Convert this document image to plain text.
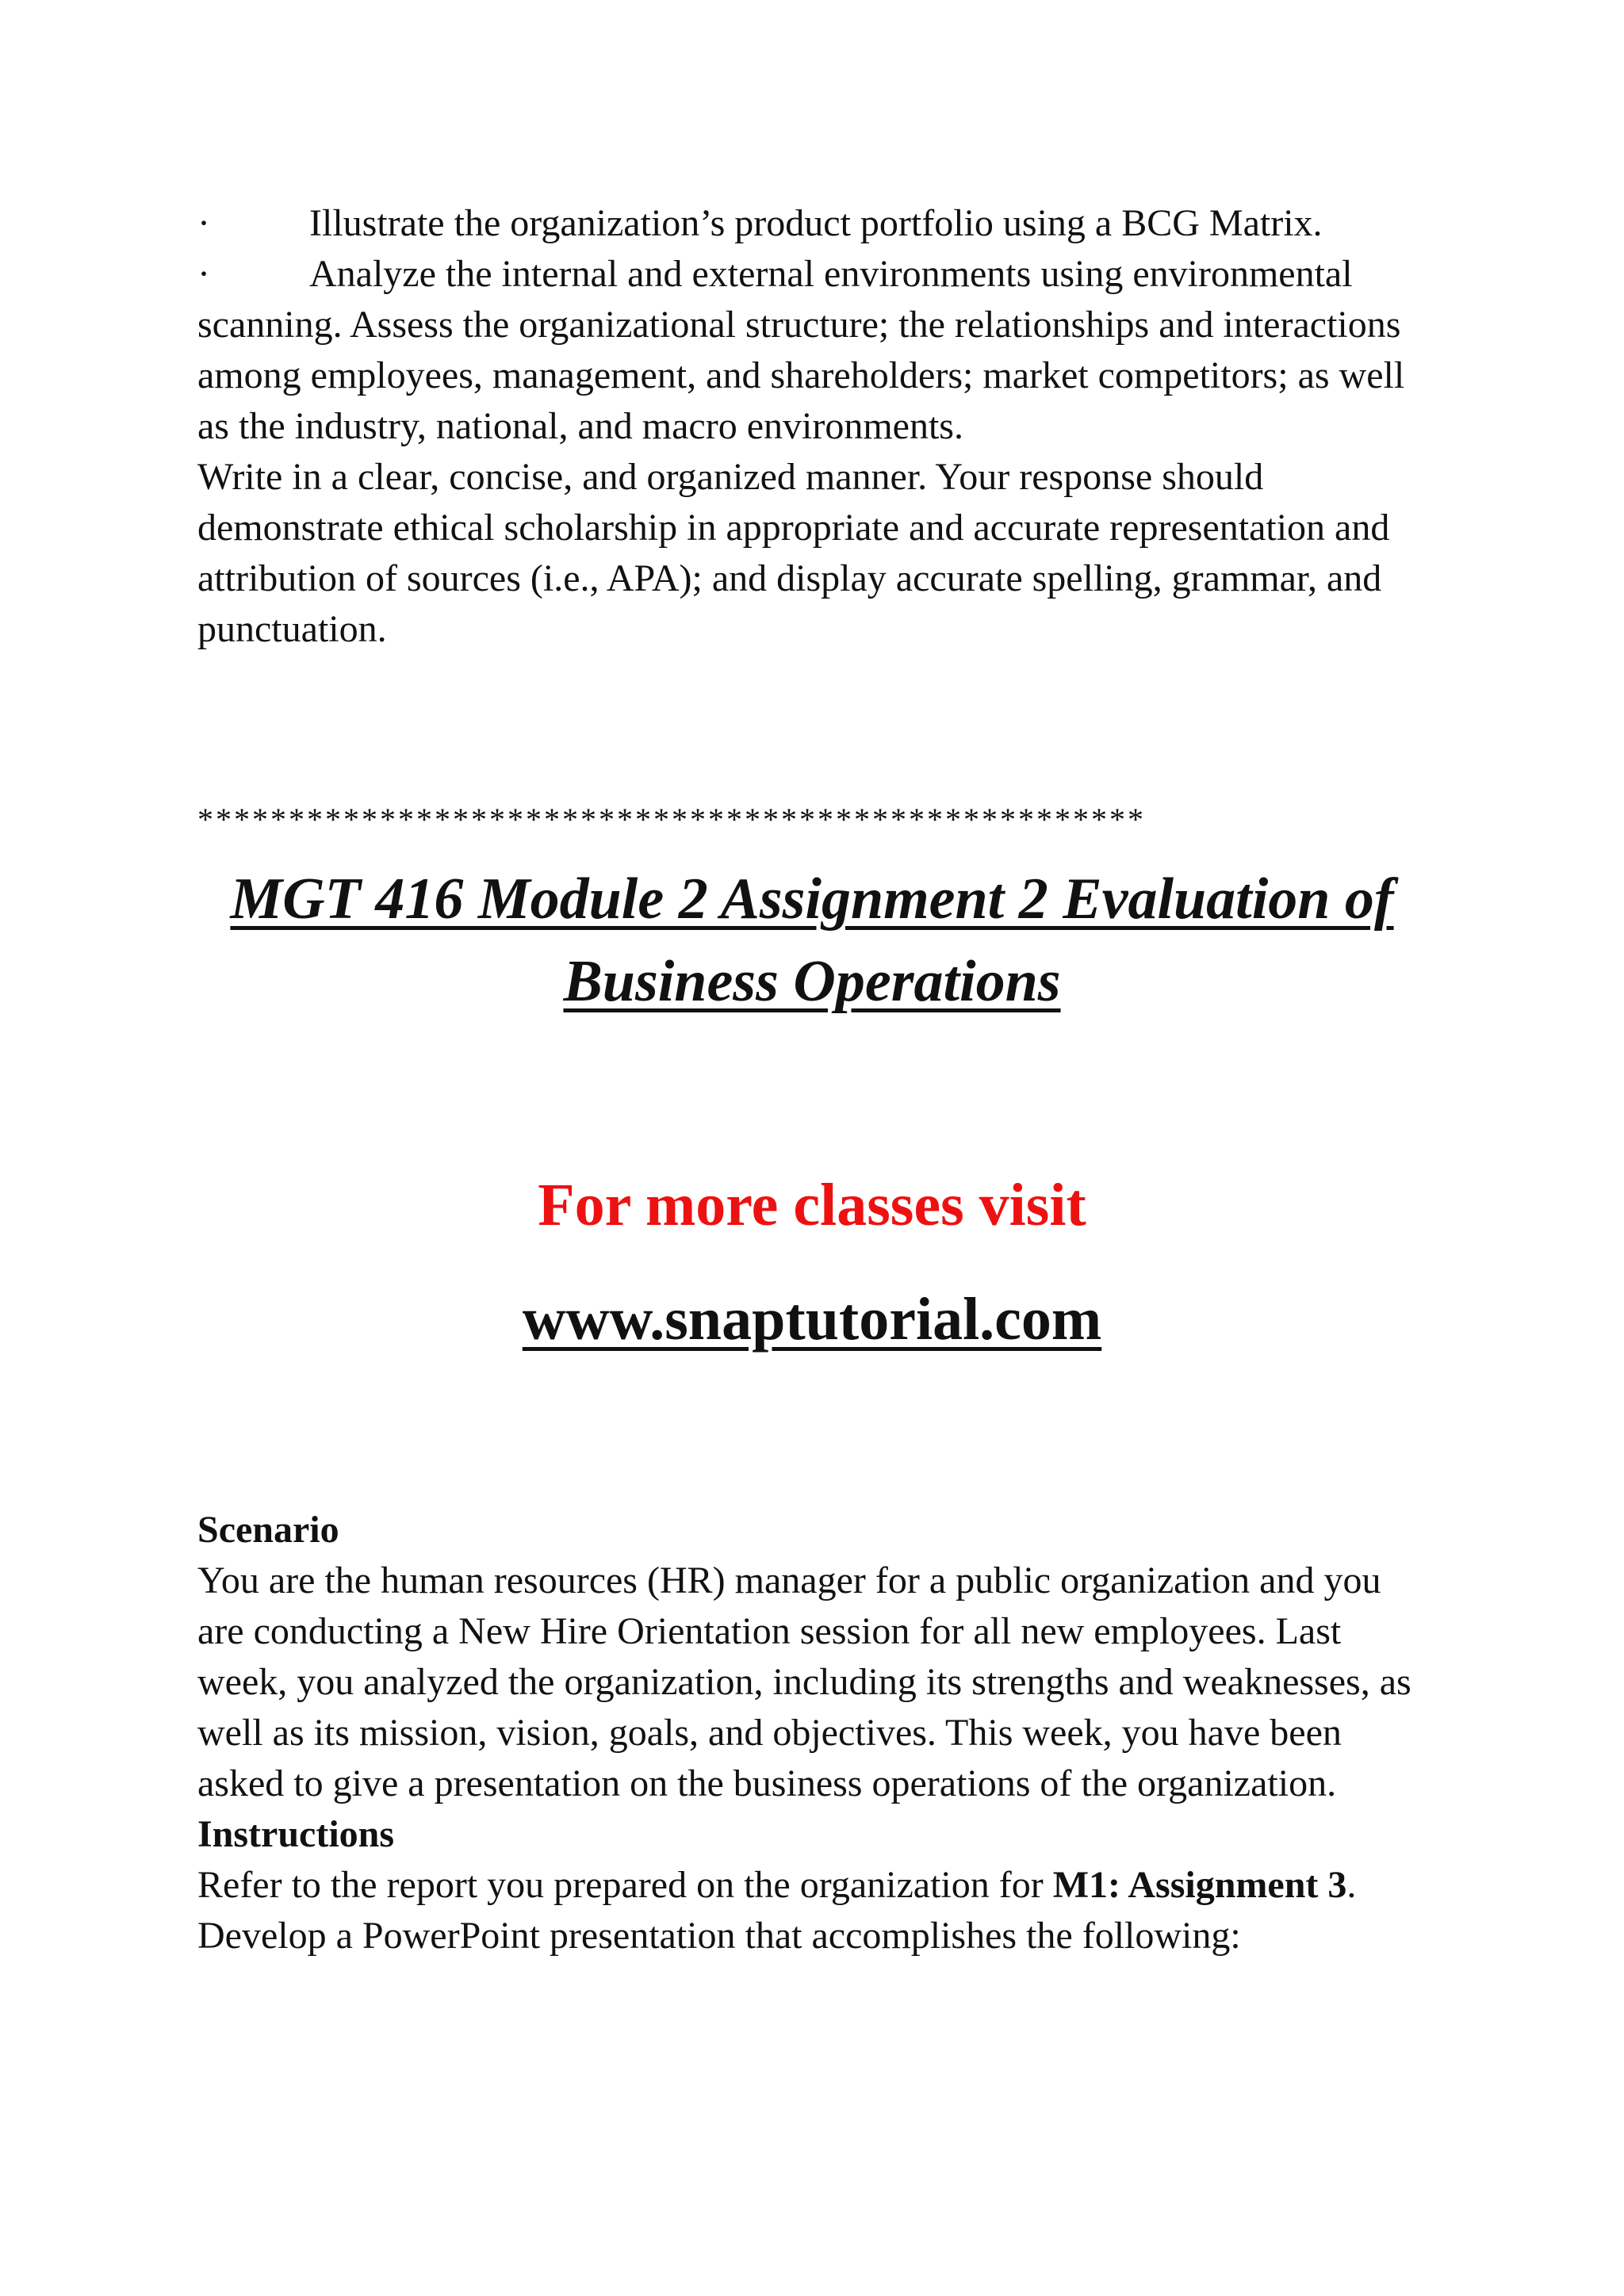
·	Illustrate the organization’s product portfolio using a BCG Matrix.
·	Analyze the internal and external environments using environmental scanning. Assess the organizational structure; the relationships and interactions among employees, management, and shareholders; market competitors; as well as the industry, national, and macro environments.
Write in a clear, concise, and organized manner. Your response should demonstrate ethical scholarship in appropriate and accurate representation and attribution of sources (i.e., APA); and display accurate spelling, grammar, and punctuation.
****************************************************
MGT 416 Module 2 Assignment 2 Evaluation of Business Operations
For more classes visit
www.snaptutorial.com
Scenario
You are the human resources (HR) manager for a public organization and you are conducting a New Hire Orientation session for all new employees. Last week, you analyzed the organization, including its strengths and weaknesses, as well as its mission, vision, goals, and objectives. This week, you have been asked to give a presentation on the business operations of the organization.
Instructions
Refer to the report you prepared on the organization for M1: Assignment 3.
Develop a PowerPoint presentation that accomplishes the following:
